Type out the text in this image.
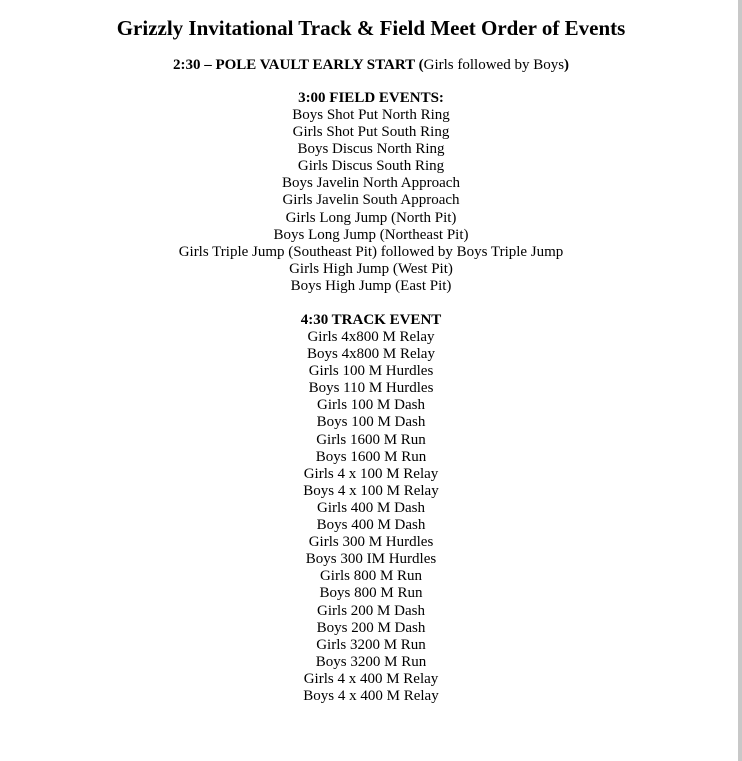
Grizzly Invitational Track & Field Meet Order of Events
2:30 – POLE VAULT EARLY START (Girls followed by Boys)
3:00 FIELD EVENTS:
Boys Shot Put North Ring
Girls Shot Put South Ring
Boys Discus North Ring
Girls Discus South Ring
Boys Javelin North Approach
Girls Javelin South Approach
Girls Long Jump (North Pit)
Boys Long Jump (Northeast Pit)
Girls Triple Jump (Southeast Pit) followed by Boys Triple Jump
Girls High Jump (West Pit)
Boys High Jump (East Pit)
4:30 TRACK EVENT
Girls 4x800 M Relay
Boys 4x800 M Relay
Girls 100 M Hurdles
Boys 110 M Hurdles
Girls 100 M Dash
Boys 100 M Dash
Girls 1600 M Run
Boys 1600 M Run
Girls 4 x 100 M Relay
Boys 4 x 100 M Relay
Girls 400 M Dash
Boys 400 M Dash
Girls 300 M Hurdles
Boys 300 IM Hurdles
Girls 800 M Run
Boys 800 M Run
Girls 200 M Dash
Boys 200 M Dash
Girls 3200 M Run
Boys 3200 M Run
Girls 4 x 400 M Relay
Boys 4 x 400 M Relay
